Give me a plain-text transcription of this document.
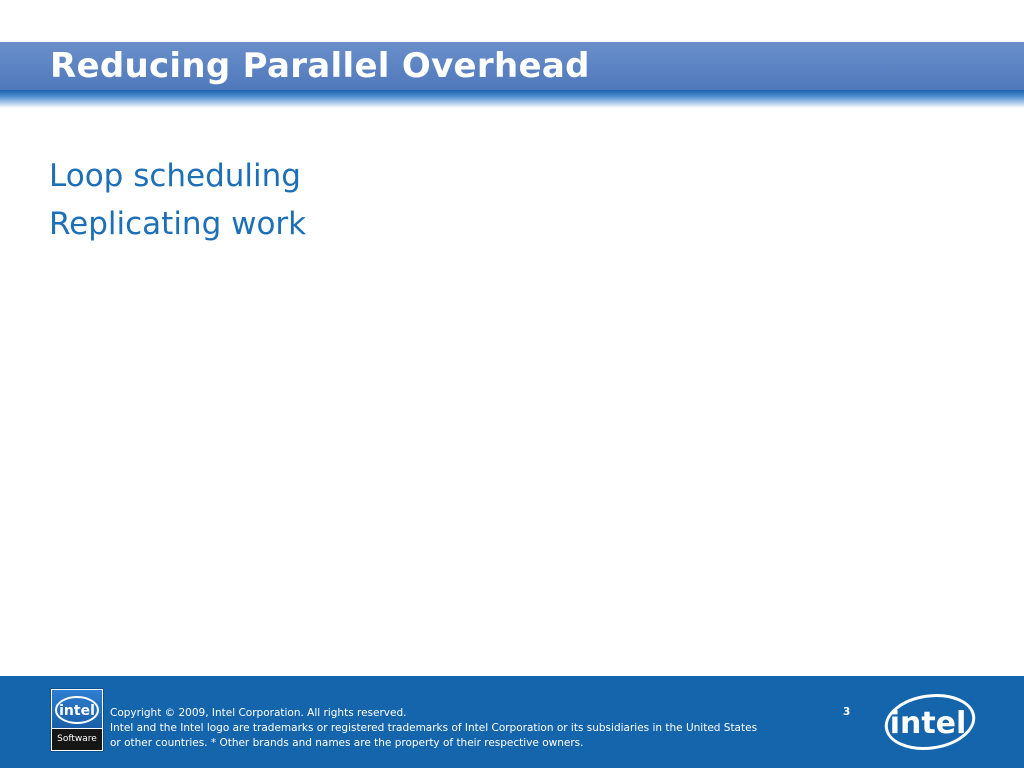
Reducing Parallel Overhead
Loop scheduling
Replicating work
intel
Software
Copyright © 2009, Intel Corporation. All rights reserved.
Intel and the Intel logo are trademarks or registered trademarks of Intel Corporation or its subsidiaries in the United States
or other countries. * Other brands and names are the property of their respective owners.
3 intel
